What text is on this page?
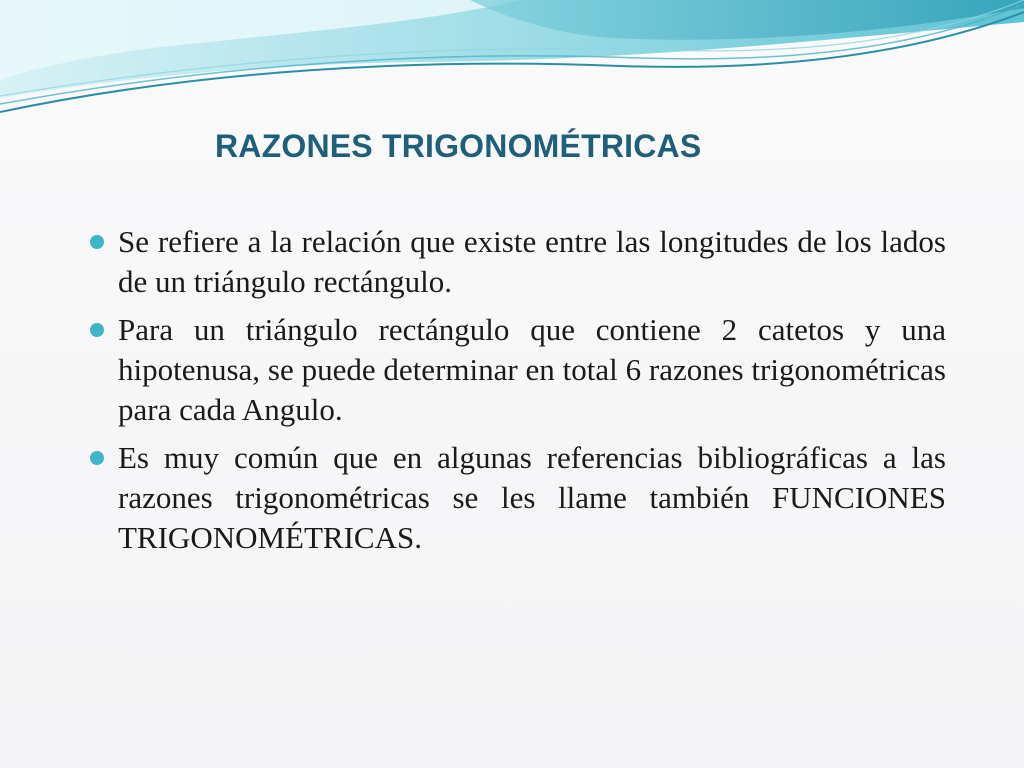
RAZONES TRIGONOMÉTRICAS
Se refiere a la relación que existe entre las longitudes de los lados de un triángulo rectángulo.
Para un triángulo rectángulo que contiene 2 catetos y una hipotenusa, se puede determinar en total 6 razones trigonométricas para cada Angulo.
Es muy común que en algunas referencias bibliográficas a las razones trigonométricas se les llame también FUNCIONES TRIGONOMÉTRICAS.
